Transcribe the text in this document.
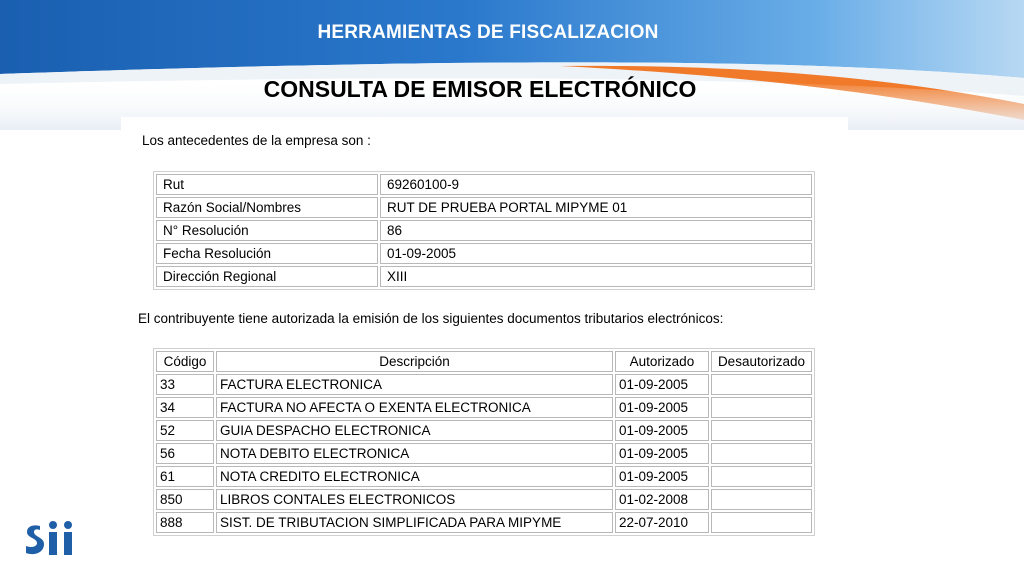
HERRAMIENTAS DE FISCALIZACION
CONSULTA DE EMISOR ELECTRÓNICO
Los antecedentes de la empresa son :
Rut	69260100-9
Razón Social/Nombres	RUT DE PRUEBA PORTAL MIPYME 01
N° Resolución	86
Fecha Resolución	01-09-2005
Dirección Regional	XIII
El contribuyente tiene autorizada la emisión de los siguientes documentos tributarios electrónicos:
Código	Descripción	Autorizado	Desautorizado
33	FACTURA ELECTRONICA	01-09-2005	
34	FACTURA NO AFECTA O EXENTA ELECTRONICA	01-09-2005	
52	GUIA DESPACHO ELECTRONICA	01-09-2005	
56	NOTA DEBITO ELECTRONICA	01-09-2005	
61	NOTA CREDITO ELECTRONICA	01-09-2005	
850	LIBROS CONTALES ELECTRONICOS	01-02-2008	
888	SIST. DE TRIBUTACION SIMPLIFICADA PARA MIPYME	22-07-2010	
